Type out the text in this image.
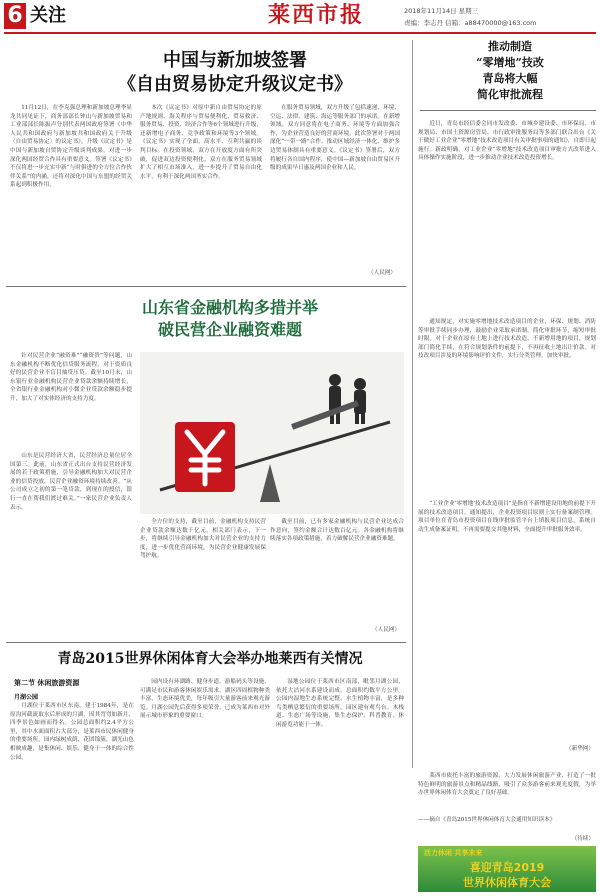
6 关注	莱西市报	2018年11月14日 星期三
责编：李志丹 信箱：a88470000@163.com
中国与新加坡签署
《自由贸易协定升级议定书》

11月12日，在李克强总理和新加坡总理李显龙共同见证下，商务部部长钟山与新加坡贸易和工业部部长陈振声分别代表两国政府签署《中华人民共和国政府与新加坡共和国政府关于升级〈自由贸易协定〉的议定书》。升级《议定书》是中国与新加坡自贸协定升级谈判成果，对进一步深化两国经贸合作具有重要意义。签署《议定书》不仅将进一步充实中新“与时俱进的全方位合作伙伴关系”的内涵，还将对深化中国与东盟的经贸关系起到积极作用。

本次《议定书》对原中新自由贸易协定的原产地规则、海关程序与贸易便利化、贸易救济、服务贸易、投资、经济合作等6个领域进行升级，还新增电子商务、竞争政策和环境等3个领域。《议定书》实现了全面、高水平、互利共赢的谈判目标。在投资领域，双方在开放度方面有所突破，促进双边投资便利化。双方在服务贸易领域扩大了相互市场准入，进一步提升了贸易自由化水平，有利于深化两国务实合作。

在服务贸易领域，双方升级了包括速递、环境、空运、法律、建筑、海运等服务部门的承诺。在新增领域，双方同意将在电子商务、环境等方面加强合作，为企业营造良好的营商环境。此次签署对于两国深化“一带一路”合作、推动区域经济一体化、维护多边贸易体制具有重要意义。《议定书》签署后，双方将履行各自国内程序，使中国—新加坡自由贸易区升级的成果早日惠及两国企业和人民。

（人民网）
推动制造
“零增地”技改
青岛将大幅
简化审批流程

近日，青岛市经信委会同市发改委、市城乡建设委、市环保局、市规划局、市国土资源房管局、市行政审批服务局等多部门联合出台《关于做好工业企业“零增地”技术改造项目有关审批事项的通知》，自即日起施行。新政明确，对工业企业“零增地”技术改造项目审批方式改革进入具体操作实施阶段，进一步推动企业技术改造投资增长。

通知规定，对实施零增地技术改造项目的企业，环保、规划、消防等审批手续同步办理，鼓励企业采取承诺制，简化审批环节，缩短审批时限。对于企业在原有土地上进行技术改造、不新增用地的项目，规划部门简化手续，在符合规划条件的前提下，不再征收土地出让价款。对技改项目涉及的环境影响评价文件，实行分类管理，加快审批。

“工业企业‘零增地’技术改造项目”是指在不新增建设用地的前提下开展的技术改造项目。通知提出，企业投资项目原则上实行备案制管理。项目单位在青岛市投资项目在线审批监管平台上填报项目信息，系统自动生成备案证明，不再需要提交其他材料，全面提升审批服务效率。

（新华网）
山东省金融机构多措并举
破民营企业融资难题

针对民营企业“融资难”“融资贵”等问题，山东金融机构不断优化信贷服务流程，对于资质良好的民营企业不盲目抽贷压贷。截至10月末，山东银行业金融机构民营企业贷款余额持续增长，全省银行业金融机构对小微企业贷款余额稳步提升，加大了对实体经济的支持力度。

山东是民营经济大省，民营经济总量位居全国第三。此前，山东省正式出台支持民营经济发展的若干政策措施，引导金融机构加大对民营企业的信贷投放，民营企业融资环境持续改善。“从公司成立之初的第一笔贷款，到现在的授信，银行一直在帮我们渡过难关。”一家民营企业负责人表示。

全方位的支持，截至目前，金融机构支持民营企业贷款余额达数千亿元。相关部门表示，下一步，将继续引导金融机构加大对民营企业的支持力度，进一步优化营商环境，为民营企业健康发展保驾护航。

截至目前，已有多家金融机构与民营企业达成合作意向，签约金额合计达数百亿元。各金融机构将继续落实各项政策措施，着力破解民营企业融资难题。

（人民网）
青岛2015世界休闲体育大会举办地莱西有关情况
第二节 休闲旅游资源
月湖公园

月湖位于莱西市区东南，建于1984年，是在原沟河截流取水后形成的月湖，因其弯弯如新月、四季景色如画而得名。公园总面积约2.4平方公里，其中水面面积占大部分，是莱西市民休闲健身的重要场所。园内绿树成荫、花团锦簇，湖光山色相映成趣，是集休闲、娱乐、健身于一体的综合性公园。

园内设有环湖路、健身步道、游船码头等设施，可满足市民和游客休闲娱乐需求。湖区四周植物种类丰富，生态环境优美，每年吸引大量游客前来观光游览。月湖公园先后获得多项荣誉，已成为莱西市对外展示城市形象的重要窗口。

湿地公园位于莱西市区南部，毗邻月湖公园，依托大沽河水系建设而成，总面积约数平方公里。公园内湿地生态系统完整，水生植物丰富，是多种鸟类栖息繁衍的重要场所。园区建有观鸟台、木栈道、生态广场等设施，集生态保护、科普教育、休闲游览功能于一体。

莱西市依托丰富的旅游资源，大力发展休闲旅游产业，打造了一批特色鲜明的旅游景点和精品线路，吸引了众多游客前来观光度假，为举办世界休闲体育大会奠定了良好基础。

——摘自《青岛2015世界休闲体育大会通用知识读本》
（待续）
活力休闲 共享未来
喜迎青岛2019
世界休闲体育大会
